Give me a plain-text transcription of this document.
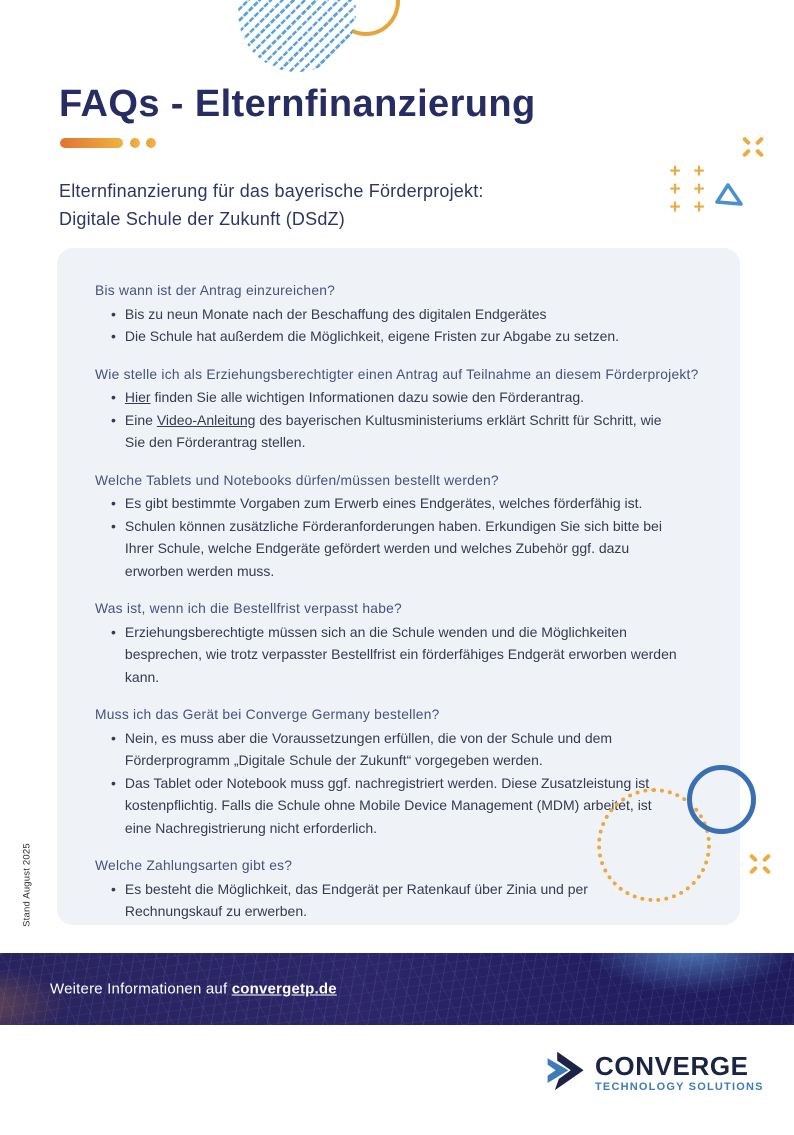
FAQs - Elternfinanzierung
Elternfinanzierung für das bayerische Förderprojekt:
Digitale Schule der Zukunft (DSdZ)
+ +
+ +
+ +
Bis wann ist der Antrag einzureichen?
• Bis zu neun Monate nach der Beschaffung des digitalen Endgerätes
• Die Schule hat außerdem die Möglichkeit, eigene Fristen zur Abgabe zu setzen.
Wie stelle ich als Erziehungsberechtigter einen Antrag auf Teilnahme an diesem Förderprojekt?
• Hier finden Sie alle wichtigen Informationen dazu sowie den Förderantrag.
• Eine Video-Anleitung des bayerischen Kultusministeriums erklärt Schritt für Schritt, wie Sie den Förderantrag stellen.
Welche Tablets und Notebooks dürfen/müssen bestellt werden?
• Es gibt bestimmte Vorgaben zum Erwerb eines Endgerätes, welches förderfähig ist.
• Schulen können zusätzliche Förderanforderungen haben. Erkundigen Sie sich bitte bei Ihrer Schule, welche Endgeräte gefördert werden und welches Zubehör ggf. dazu erworben werden muss.
Was ist, wenn ich die Bestellfrist verpasst habe?
• Erziehungsberechtigte müssen sich an die Schule wenden und die Möglichkeiten besprechen, wie trotz verpasster Bestellfrist ein förderfähiges Endgerät erworben werden kann.
Muss ich das Gerät bei Converge Germany bestellen?
• Nein, es muss aber die Voraussetzungen erfüllen, die von der Schule und dem Förderprogramm „Digitale Schule der Zukunft“ vorgegeben werden.
• Das Tablet oder Notebook muss ggf. nachregistriert werden. Diese Zusatzleistung ist kostenpflichtig. Falls die Schule ohne Mobile Device Management (MDM) arbeitet, ist eine Nachregistrierung nicht erforderlich.
Welche Zahlungsarten gibt es?
• Es besteht die Möglichkeit, das Endgerät per Ratenkauf über Zinia und per Rechnungskauf zu erwerben.
Stand August 2025
Weitere Informationen auf convergetp.de
CONVERGE
TECHNOLOGY SOLUTIONS
